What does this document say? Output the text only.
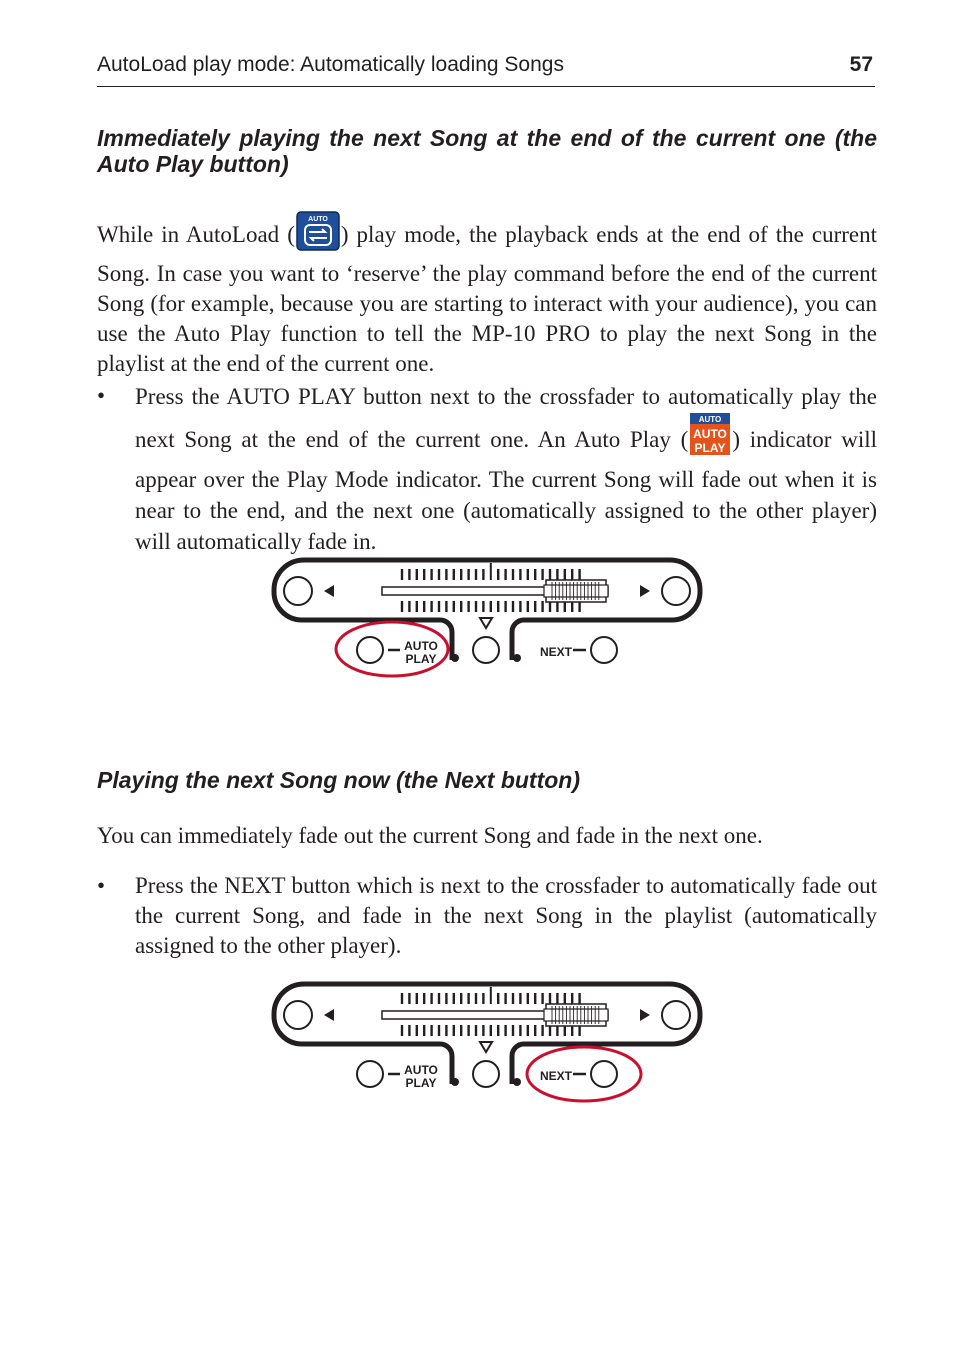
AutoLoad play mode: Automatically loading Songs	57
Immediately playing the next Song at the end of the current one (the Auto Play button)

While in AutoLoad (
AUTO
) play mode, the playback ends at the end of the current Song. In case you want to ‘reserve’ the play command before the end of the current Song (for example, because you are starting to interact with your audience), you can use the Auto Play function to tell the MP-10 PRO to play the next Song in the playlist at the end of the current one.

• Press the AUTO PLAY button next to the crossfader to automatically play the next Song at the end of the current one. An Auto Play (
AUTO
AUTO
PLAY ) indicator will appear over the Play Mode indicator. The current Song will fade out when it is near to the end, and the next one (automatically assigned to the other player) will automatically fade in.

AUTO
PLAY	NEXT
Playing the next Song now (the Next button)

You can immediately fade out the current Song and fade in the next one.

• Press the NEXT button which is next to the crossfader to automatically fade out the current Song, and fade in the next Song in the playlist (automatically assigned to the other player).

AUTO
PLAY	NEXT
